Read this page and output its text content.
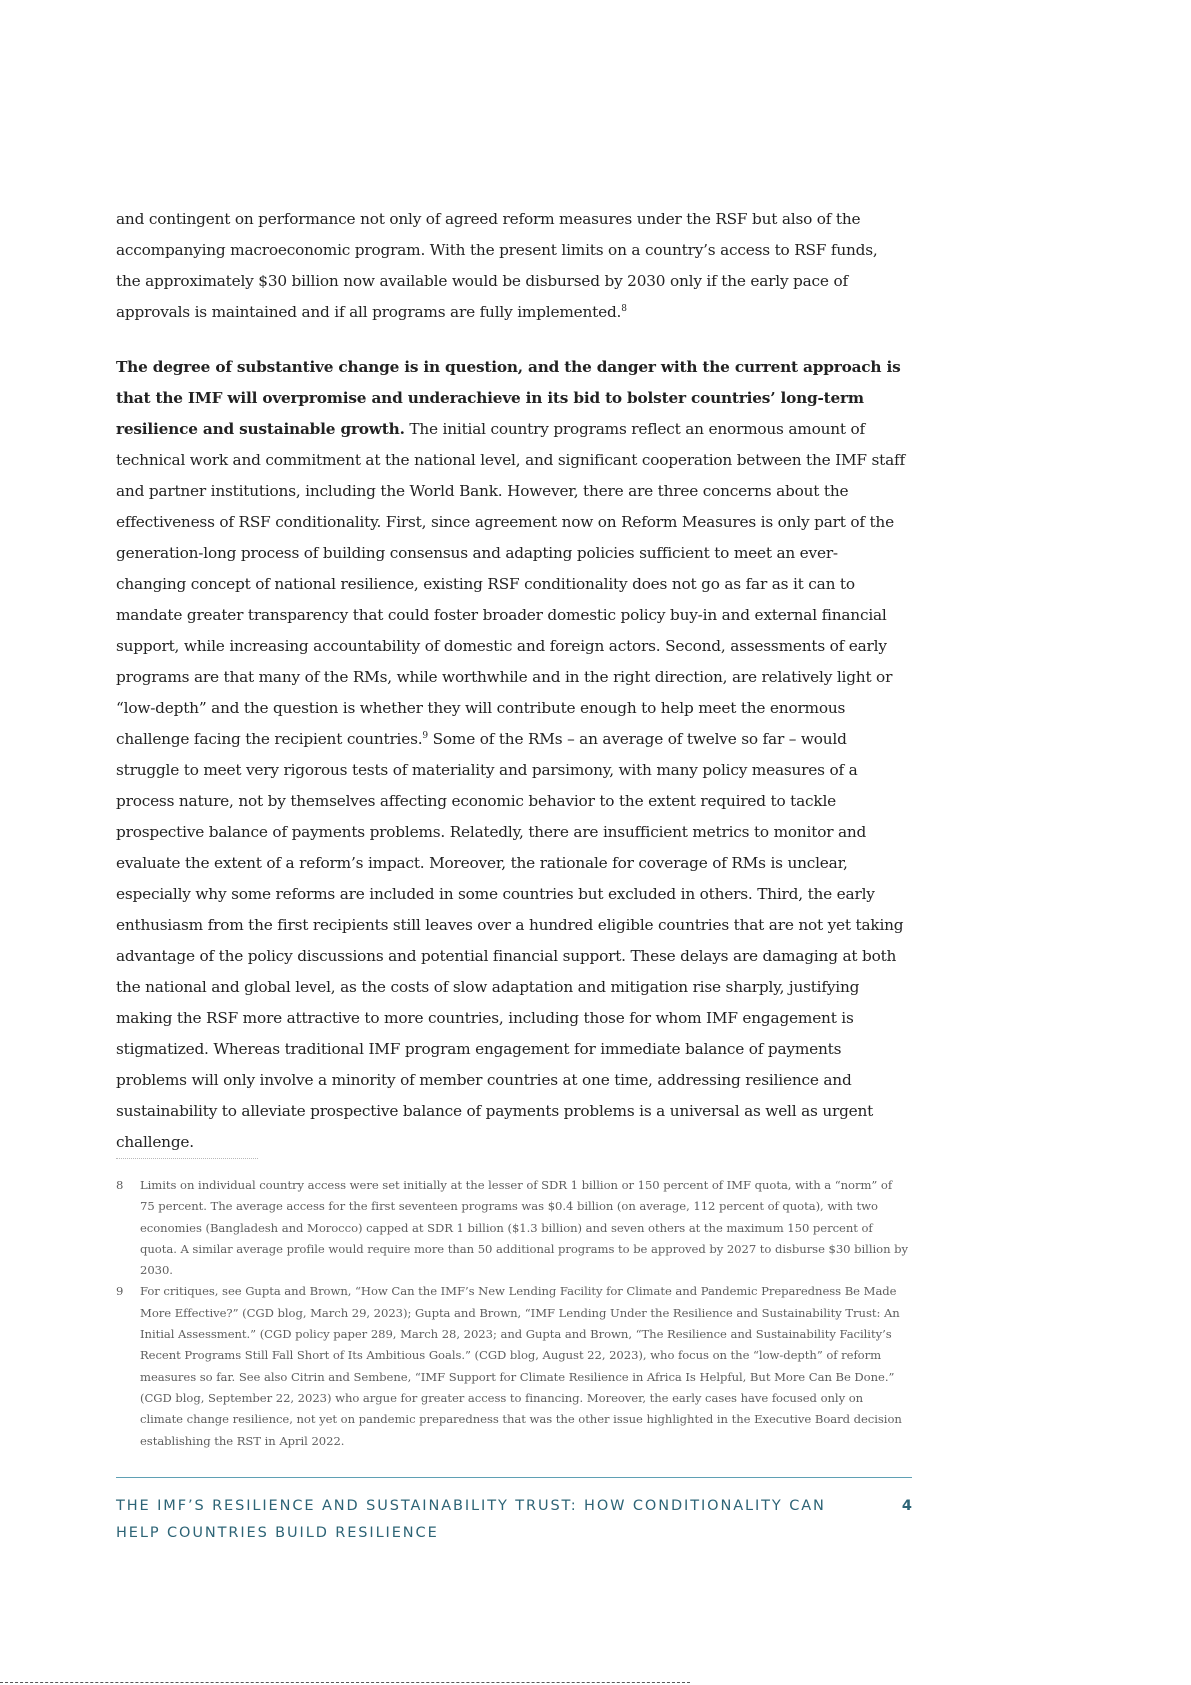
and contingent on performance not only of agreed reform measures under the RSF but also of the accompanying macroeconomic program. With the present limits on a country’s access to RSF funds, the approximately $30 billion now available would be disbursed by 2030 only if the early pace of approvals is maintained and if all programs are fully implemented.$^8$

The degree of substantive change is in question, and the danger with the current approach is that the IMF will overpromise and underachieve in its bid to bolster countries’ long-term resilience and sustainable growth. The initial country programs reflect an enormous amount of technical work and commitment at the national level, and significant cooperation between the IMF staff and partner institutions, including the World Bank. However, there are three concerns about the effectiveness of RSF conditionality. First, since agreement now on Reform Measures is only part of the generation-long process of building consensus and adapting policies sufficient to meet an ever-changing concept of national resilience, existing RSF conditionality does not go as far as it can to mandate greater transparency that could foster broader domestic policy buy-in and external financial support, while increasing accountability of domestic and foreign actors. Second, assessments of early programs are that many of the RMs, while worthwhile and in the right direction, are relatively light or “low-depth” and the question is whether they will contribute enough to help meet the enormous challenge facing the recipient countries.$^9$ Some of the RMs – an average of twelve so far – would struggle to meet very rigorous tests of materiality and parsimony, with many policy measures of a process nature, not by themselves affecting economic behavior to the extent required to tackle prospective balance of payments problems. Relatedly, there are insufficient metrics to monitor and evaluate the extent of a reform’s impact. Moreover, the rationale for coverage of RMs is unclear, especially why some reforms are included in some countries but excluded in others. Third, the early enthusiasm from the first recipients still leaves over a hundred eligible countries that are not yet taking advantage of the policy discussions and potential financial support. These delays are damaging at both the national and global level, as the costs of slow adaptation and mitigation rise sharply, justifying making the RSF more attractive to more countries, including those for whom IMF engagement is stigmatized. Whereas traditional IMF program engagement for immediate balance of payments problems will only involve a minority of member countries at one time, addressing resilience and sustainability to alleviate prospective balance of payments problems is a universal as well as urgent challenge.

8	Limits on individual country access were set initially at the lesser of SDR 1 billion or 150 percent of IMF quota, with a “norm” of 75 percent. The average access for the first seventeen programs was $0.4 billion (on average, 112 percent of quota), with two economies (Bangladesh and Morocco) capped at SDR 1 billion ($1.3 billion) and seven others at the maximum 150 percent of quota. A similar average profile would require more than 50 additional programs to be approved by 2027 to disburse $30 billion by 2030.
9	For critiques, see Gupta and Brown, “How Can the IMF’s New Lending Facility for Climate and Pandemic Preparedness Be Made More Effective?” (CGD blog, March 29, 2023); Gupta and Brown, “IMF Lending Under the Resilience and Sustainability Trust: An Initial Assessment.” (CGD policy paper 289, March 28, 2023; and Gupta and Brown, “The Resilience and Sustainability Facility’s Recent Programs Still Fall Short of Its Ambitious Goals.” (CGD blog, August 22, 2023), who focus on the “low-depth” of reform measures so far. See also Citrin and Sembene, “IMF Support for Climate Resilience in Africa Is Helpful, But More Can Be Done.” (CGD blog, September 22, 2023) who argue for greater access to financing. Moreover, the early cases have focused only on climate change resilience, not yet on pandemic preparedness that was the other issue highlighted in the Executive Board decision establishing the RST in April 2022.
THE IMF’S RESILIENCE AND SUSTAINABILITY TRUST: HOW CONDITIONALITY CAN HELP COUNTRIES BUILD RESILIENCE
4
